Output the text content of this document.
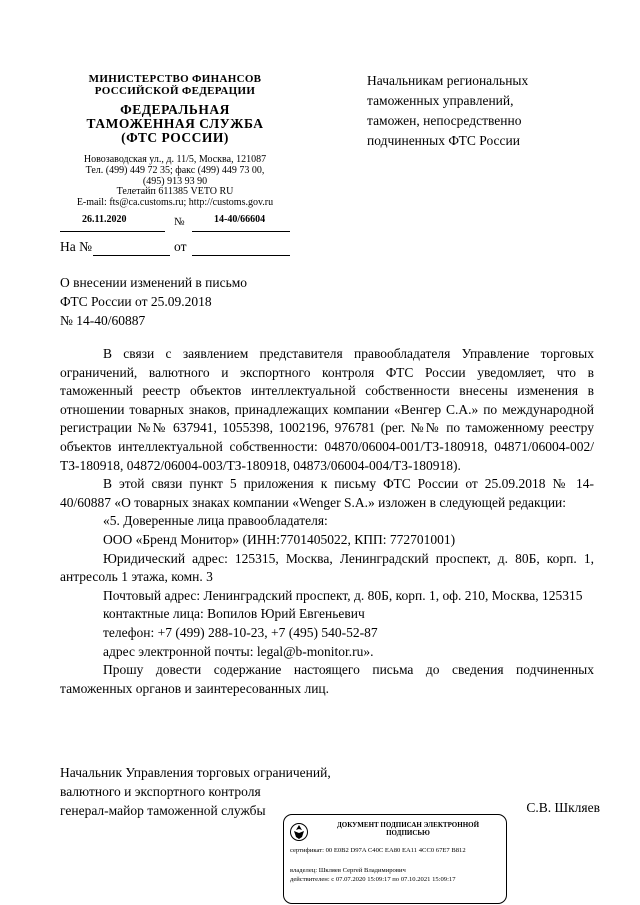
МИНИСТЕРСТВО ФИНАНСОВ
РОССИЙСКОЙ ФЕДЕРАЦИИ
ФЕДЕРАЛЬНАЯ
ТАМОЖЕННАЯ СЛУЖБА
(ФТС РОССИИ)
Новозаводская ул., д. 11/5, Москва, 121087
Тел. (499) 449 72 35; факс (499) 449 73 00,
(495) 913 93 90
Телетайп 611385 VETO RU
E-mail: fts@ca.customs.ru; http://customs.gov.ru
26.11.2020	№	14-40/66604
На №	от
Начальникам региональных
таможенных управлений,
таможен, непосредственно
подчиненных ФТС России
О внесении изменений в письмо
ФТС России от 25.09.2018
№ 14-40/60887

В связи с заявлением представителя правообладателя Управление торговых ограничений, валютного и экспортного контроля ФТС России уведомляет, что в таможенный реестр объектов интеллектуальной собственности внесены изменения в отношении товарных знаков, принадлежащих компании «Венгер С.А.» по международной регистрации №№ 637941, 1055398, 1002196, 976781 (рег. №№ по таможенному реестру объектов интеллектуальной собственности: 04870/06004-001/ТЗ-180918, 04871/06004-002/ТЗ-180918, 04872/06004-003/ТЗ-180918, 04873/06004-004/ТЗ-180918).

В этой связи пункт 5 приложения к письму ФТС России от 25.09.2018 № 14-40/60887 «О товарных знаках компании «Wenger S.A.» изложен в следующей редакции:

«5. Доверенные лица правообладателя:

ООО «Бренд Монитор» (ИНН:7701405022, КПП: 772701001)

Юридический адрес: 125315, Москва, Ленинградский проспект, д. 80Б, корп. 1, антресоль 1 этажа, комн. 3

Почтовый адрес: Ленинградский проспект, д. 80Б, корп. 1, оф. 210, Москва, 125315

контактные лица: Вопилов Юрий Евгеньевич

телефон: +7 (499) 288-10-23, +7 (495) 540-52-87

адрес электронной почты: legal@b-monitor.ru».

Прошу довести содержание настоящего письма до сведения подчиненных таможенных органов и заинтересованных лиц.

Начальник Управления торговых ограничений,
валютного и экспортного контроля
генерал-майор таможенной службы	С.В. Шкляев
ДОКУМЕНТ ПОДПИСАН ЭЛЕКТРОННОЙ
ПОДПИСЬЮ
сертификат: 00 E0B2 D97A C40C EA80 EA11 4CC0 67E7 B812
владелец: Шкляев Сергей Владимирович
действителен: с 07.07.2020 15:09:17 по 07.10.2021 15:09:17
